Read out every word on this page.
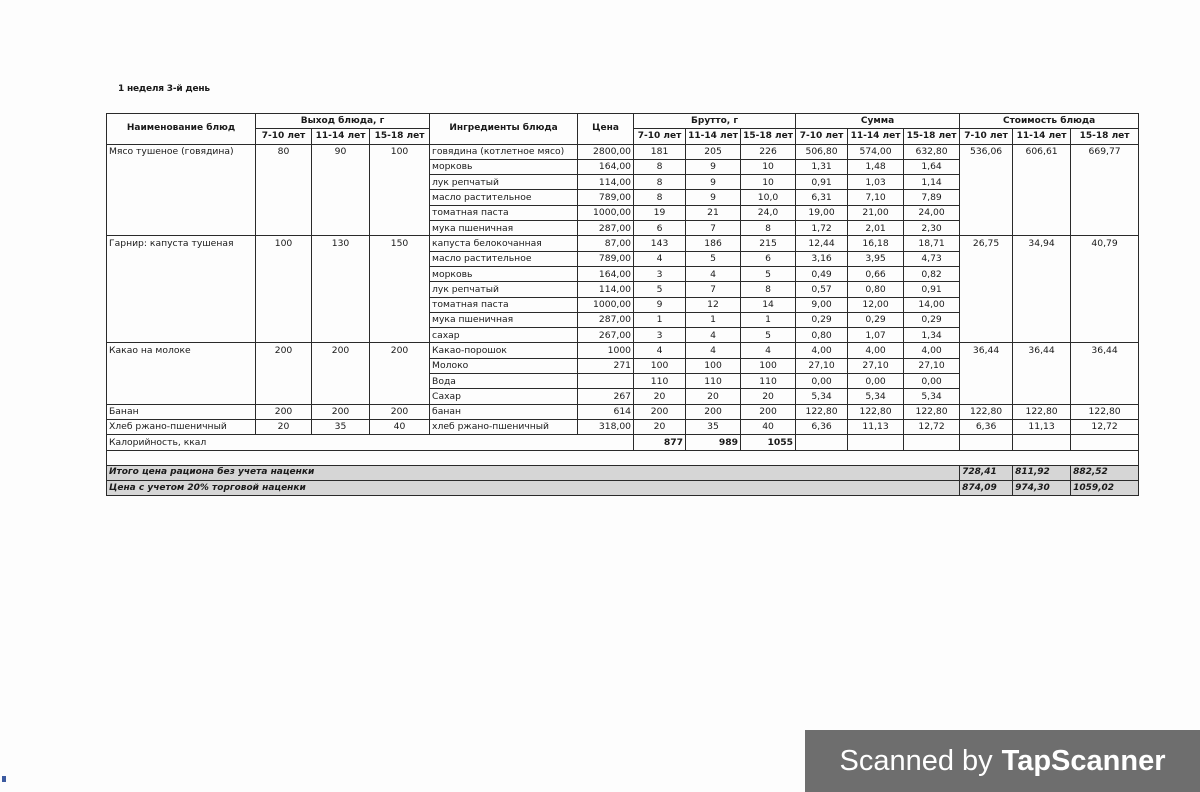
1 неделя 3-й день
Наименование блюд	Выход блюда, г			Ингредиенты блюда	Цена	Брутто, г			Сумма			Стоимость блюда		
	7-10 лет	11-14 лет	15-18 лет			7-10 лет	11-14 лет	15-18 лет	7-10 лет	11-14 лет	15-18 лет	7-10 лет	11-14 лет	15-18 лет
Мясо тушеное (говядина)	80	90	100	говядина (котлетное мясо)	2800,00	181	205	226	506,80	574,00	632,80	536,06	606,61	669,77
				морковь	164,00	8	9	10	1,31	1,48	1,64			
				лук репчатый	114,00	8	9	10	0,91	1,03	1,14			
				масло растительное	789,00	8	9	10,0	6,31	7,10	7,89			
				томатная паста	1000,00	19	21	24,0	19,00	21,00	24,00			
				мука пшеничная	287,00	6	7	8	1,72	2,01	2,30			
Гарнир: капуста тушеная	100	130	150	капуста белокочанная	87,00	143	186	215	12,44	16,18	18,71	26,75	34,94	40,79
				масло растительное	789,00	4	5	6	3,16	3,95	4,73			
				морковь	164,00	3	4	5	0,49	0,66	0,82			
				лук репчатый	114,00	5	7	8	0,57	0,80	0,91			
				томатная паста	1000,00	9	12	14	9,00	12,00	14,00			
				мука пшеничная	287,00	1	1	1	0,29	0,29	0,29			
				сахар	267,00	3	4	5	0,80	1,07	1,34			
Какао на молоке	200	200	200	Какао-порошок	1000	4	4	4	4,00	4,00	4,00	36,44	36,44	36,44
				Молоко	271	100	100	100	27,10	27,10	27,10			
				Вода		110	110	110	0,00	0,00	0,00			
				Сахар	267	20	20	20	5,34	5,34	5,34			
Банан	200	200	200	банан	614	200	200	200	122,80	122,80	122,80	122,80	122,80	122,80
Хлеб ржано-пшеничный	20	35	40	хлеб ржано-пшеничный	318,00	20	35	40	6,36	11,13	12,72	6,36	11,13	12,72
Калорийность, ккал						877	989	1055						

Итого цена рациона без учета наценки												728,41	811,92	882,52
Цена с учетом 20% торговой наценки												874,09	974,30	1059,02
Scanned by TapScanner
